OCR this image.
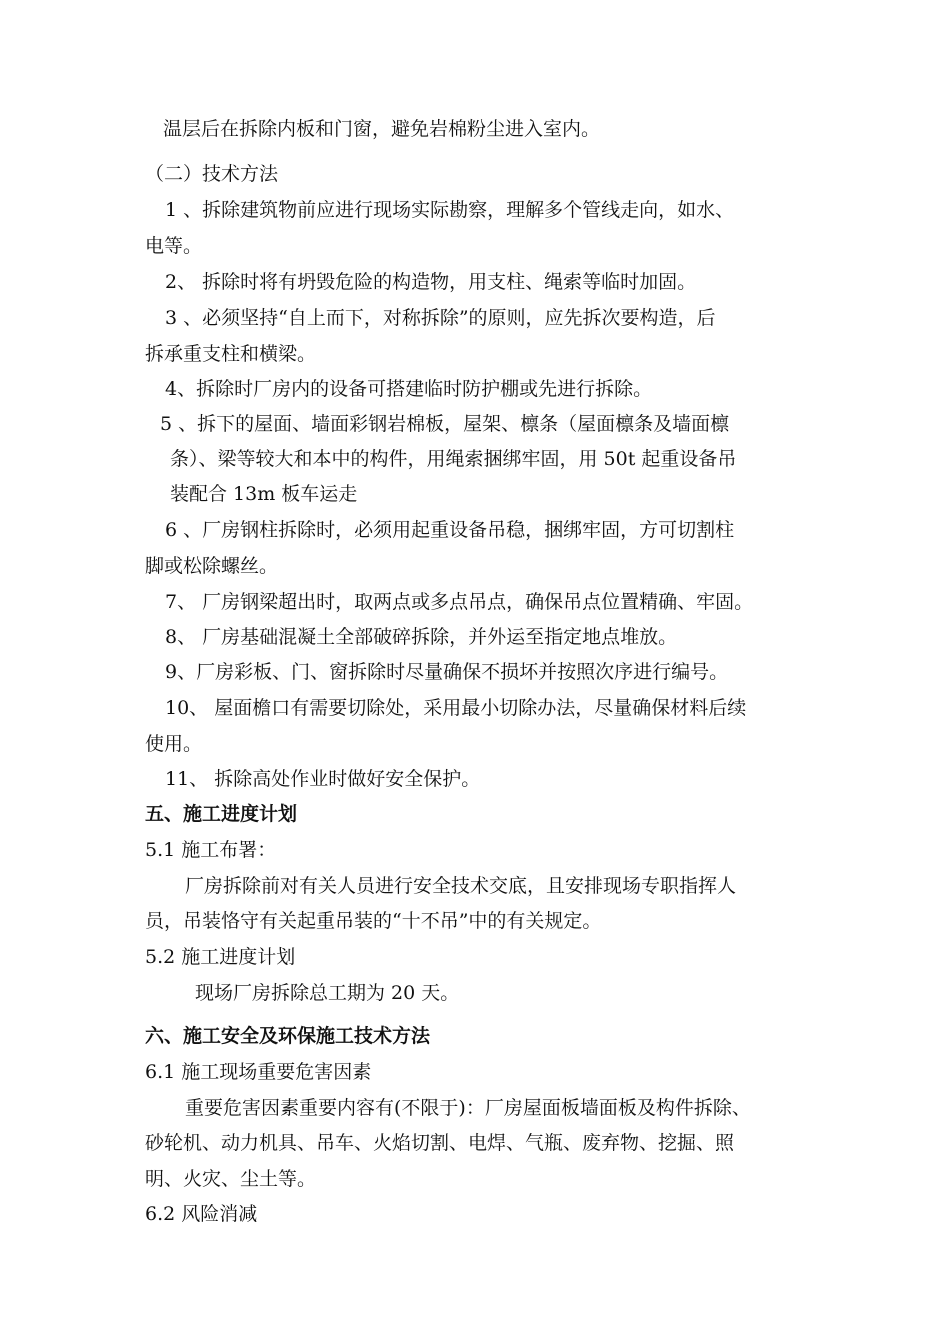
温层后在拆除内板和门窗，避免岩棉粉尘进入室内。
（二）技术方法
1 、拆除建筑物前应进行现场实际勘察，理解多个管线走向，如水、
电等。
2、 拆除时将有坍毁危险的构造物，用支柱、绳索等临时加固。
3 、必须坚持“自上而下，对称拆除”的原则，应先拆次要构造，后
拆承重支柱和横梁。
4、拆除时厂房内的设备可搭建临时防护棚或先进行拆除。
5 、拆下的屋面、墙面彩钢岩棉板，屋架、檩条（屋面檩条及墙面檩
条）、梁等较大和本中的构件，用绳索捆绑牢固，用 50t 起重设备吊
装配合 13m 板车运走
6 、厂房钢柱拆除时，必须用起重设备吊稳，捆绑牢固，方可切割柱
脚或松除螺丝。
7、 厂房钢梁超出时，取两点或多点吊点，确保吊点位置精确、牢固。
8、 厂房基础混凝土全部破碎拆除，并外运至指定地点堆放。
9、厂房彩板、门、窗拆除时尽量确保不损坏并按照次序进行编号。
10、 屋面檐口有需要切除处，采用最小切除办法，尽量确保材料后续
使用。
11、 拆除高处作业时做好安全保护。
五、施工进度计划
5.1 施工布署：
厂房拆除前对有关人员进行安全技术交底，且安排现场专职指挥人
员，吊装恪守有关起重吊装的“十不吊”中的有关规定。
5.2 施工进度计划
现场厂房拆除总工期为 20 天。
六、施工安全及环保施工技术方法
6.1 施工现场重要危害因素
重要危害因素重要内容有(不限于)：厂房屋面板墙面板及构件拆除、
砂轮机、动力机具、吊车、火焰切割、电焊、气瓶、废弃物、挖掘、照
明、火灾、尘土等。
6.2 风险消减
